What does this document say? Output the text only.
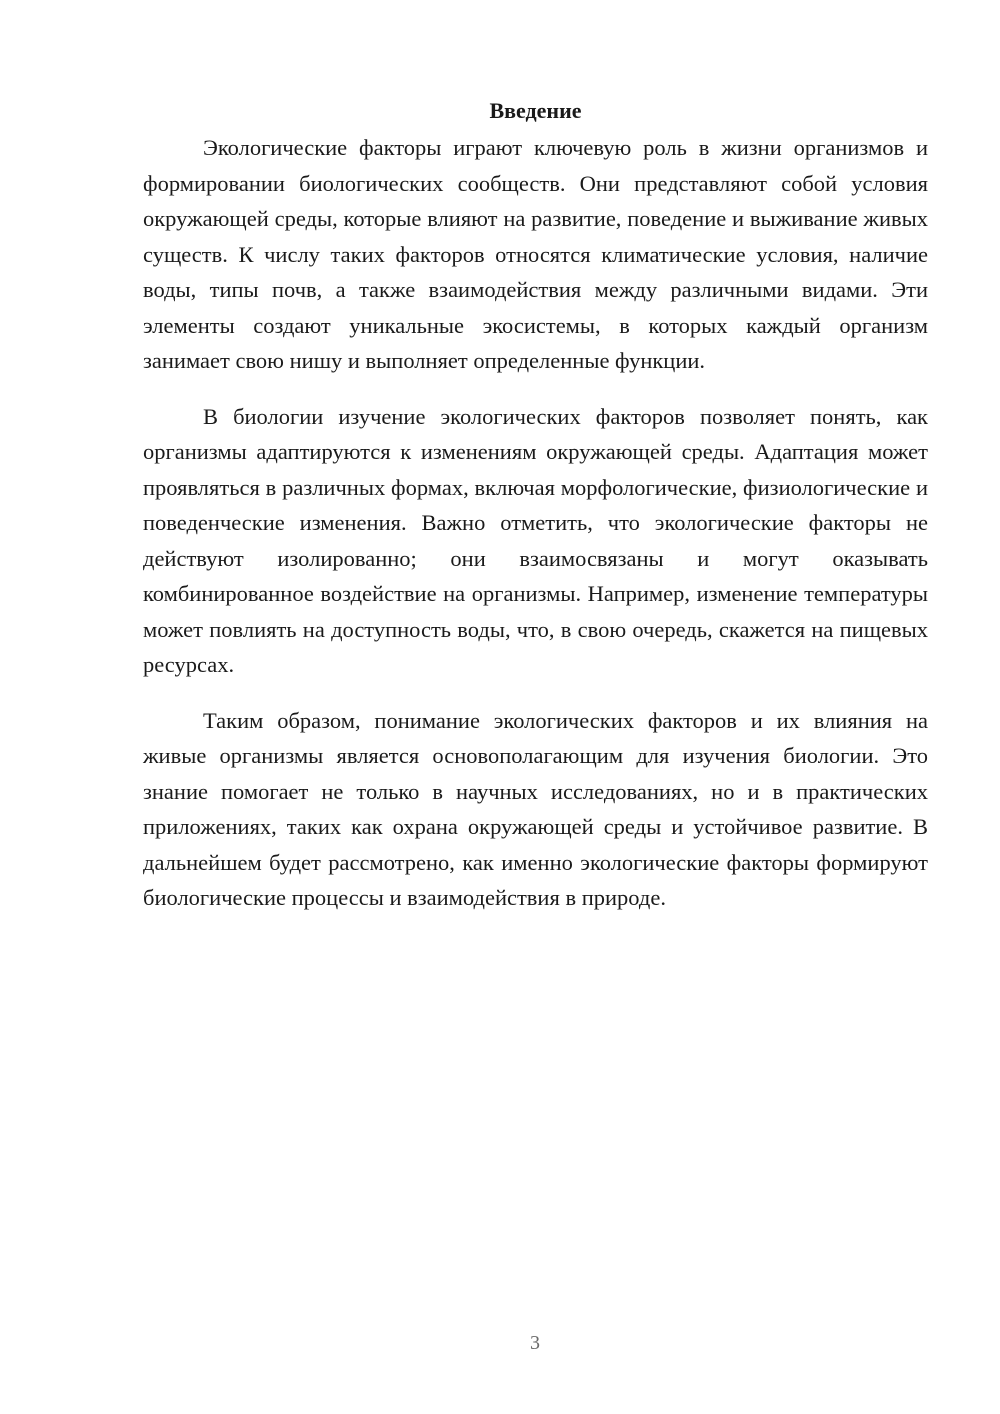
Введение

Экологические факторы играют ключевую роль в жизни организмов и формировании биологических сообществ. Они представляют собой условия окружающей среды, которые влияют на развитие, поведение и выживание живых существ. К числу таких факторов относятся климатические условия, наличие воды, типы почв, а также взаимодействия между различными видами. Эти элементы создают уникальные экосистемы, в которых каждый организм занимает свою нишу и выполняет определенные функции.

В биологии изучение экологических факторов позволяет понять, как организмы адаптируются к изменениям окружающей среды. Адаптация может проявляться в различных формах, включая морфологические, физиологические и поведенческие изменения. Важно отметить, что экологические факторы не действуют изолированно; они взаимосвязаны и могут оказывать комбинированное воздействие на организмы. Например, изменение температуры может повлиять на доступность воды, что, в свою очередь, скажется на пищевых ресурсах.

Таким образом, понимание экологических факторов и их влияния на живые организмы является основополагающим для изучения биологии. Это знание помогает не только в научных исследованиях, но и в практических приложениях, таких как охрана окружающей среды и устойчивое развитие. В дальнейшем будет рассмотрено, как именно экологические факторы формируют биологические процессы и взаимодействия в природе.

3
